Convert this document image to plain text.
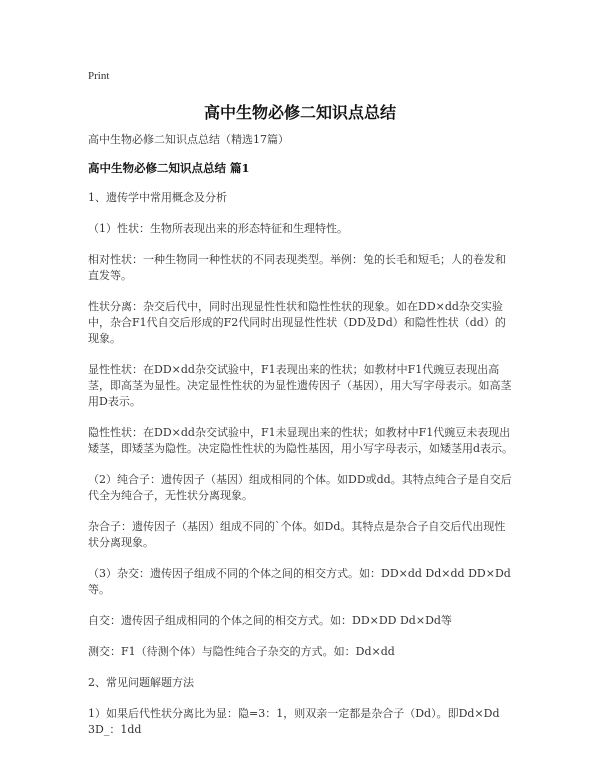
Print
高中生物必修二知识点总结

高中生物必修二知识点总结（精选17篇）

高中生物必修二知识点总结 篇1

1、遗传学中常用概念及分析

（1）性状：生物所表现出来的形态特征和生理特性。

相对性状：一种生物同一种性状的不同表现类型。举例：兔的长毛和短毛；人的卷发和直发等。

性状分离：杂交后代中，同时出现显性性状和隐性性状的现象。如在DD×dd杂交实验中，杂合F1代自交后形成的F2代同时出现显性性状（DD及Dd）和隐性性状（dd）的现象。

显性性状：在DD×dd杂交试验中，F1表现出来的性状；如教材中F1代豌豆表现出高茎，即高茎为显性。决定显性性状的为显性遗传因子（基因），用大写字母表示。如高茎用D表示。

隐性性状：在DD×dd杂交试验中，F1未显现出来的性状；如教材中F1代豌豆未表现出矮茎，即矮茎为隐性。决定隐性性状的为隐性基因，用小写字母表示，如矮茎用d表示。

（2）纯合子：遗传因子（基因）组成相同的个体。如DD或dd。其特点纯合子是自交后代全为纯合子，无性状分离现象。

杂合子：遗传因子（基因）组成不同的`个体。如Dd。其特点是杂合子自交后代出现性状分离现象。

（3）杂交：遗传因子组成不同的个体之间的相交方式。如：DD×dd Dd×dd DD×Dd等。

自交：遗传因子组成相同的个体之间的相交方式。如：DD×DD Dd×Dd等

测交：F1（待测个体）与隐性纯合子杂交的方式。如：Dd×dd

2、常见问题解题方法

1）如果后代性状分离比为显：隐=3：1，则双亲一定都是杂合子（Dd）。即Dd×Dd 3D_：1dd
